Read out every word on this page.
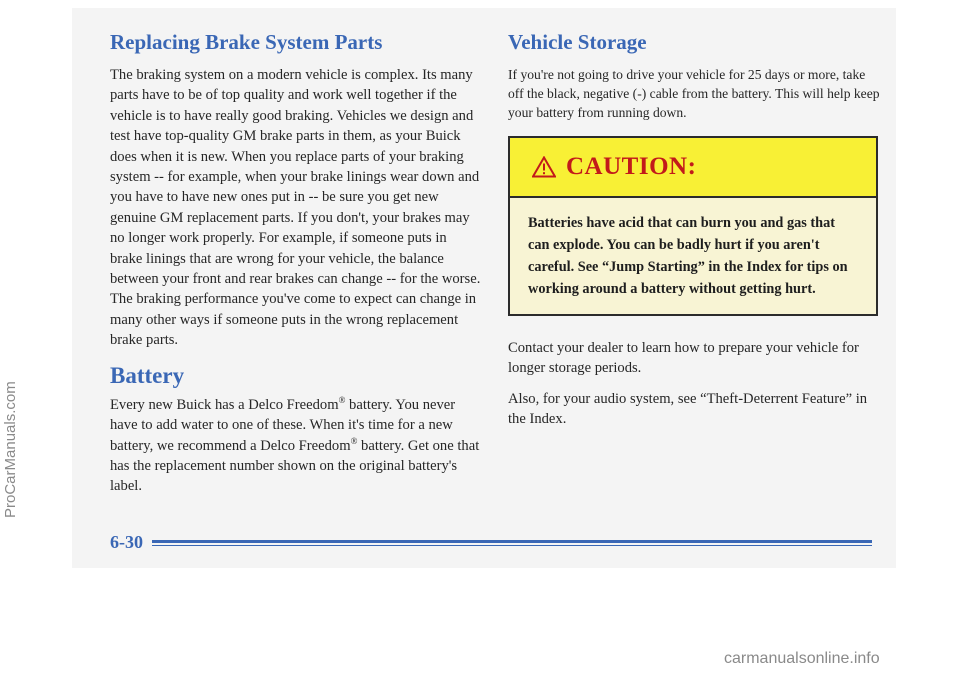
Replacing Brake System Parts

The braking system on a modern vehicle is complex. Its many parts have to be of top quality and work well together if the vehicle is to have really good braking. Vehicles we design and test have top-quality GM brake parts in them, as your Buick does when it is new. When you replace parts of your braking system -- for example, when your brake linings wear down and you have to have new ones put in -- be sure you get new genuine GM replacement parts. If you don't, your brakes may no longer work properly. For example, if someone puts in brake linings that are wrong for your vehicle, the balance between your front and rear brakes can change -- for the worse. The braking performance you've come to expect can change in many other ways if someone puts in the wrong replacement brake parts.

Battery

Every new Buick has a Delco Freedom® battery. You never have to add water to one of these. When it's time for a new battery, we recommend a Delco Freedom® battery. Get one that has the replacement number shown on the original battery's label.

Vehicle Storage

If you're not going to drive your vehicle for 25 days or more, take off the black, negative (-) cable from the battery. This will help keep your battery from running down.

CAUTION:
Batteries have acid that can burn you and gas that can explode. You can be badly hurt if you aren't careful. See “Jump Starting” in the Index for tips on working around a battery without getting hurt.

Contact your dealer to learn how to prepare your vehicle for longer storage periods.

Also, for your audio system, see “Theft-Deterrent Feature” in the Index.

6-30
ProCarManuals.com
carmanualsonline.info
